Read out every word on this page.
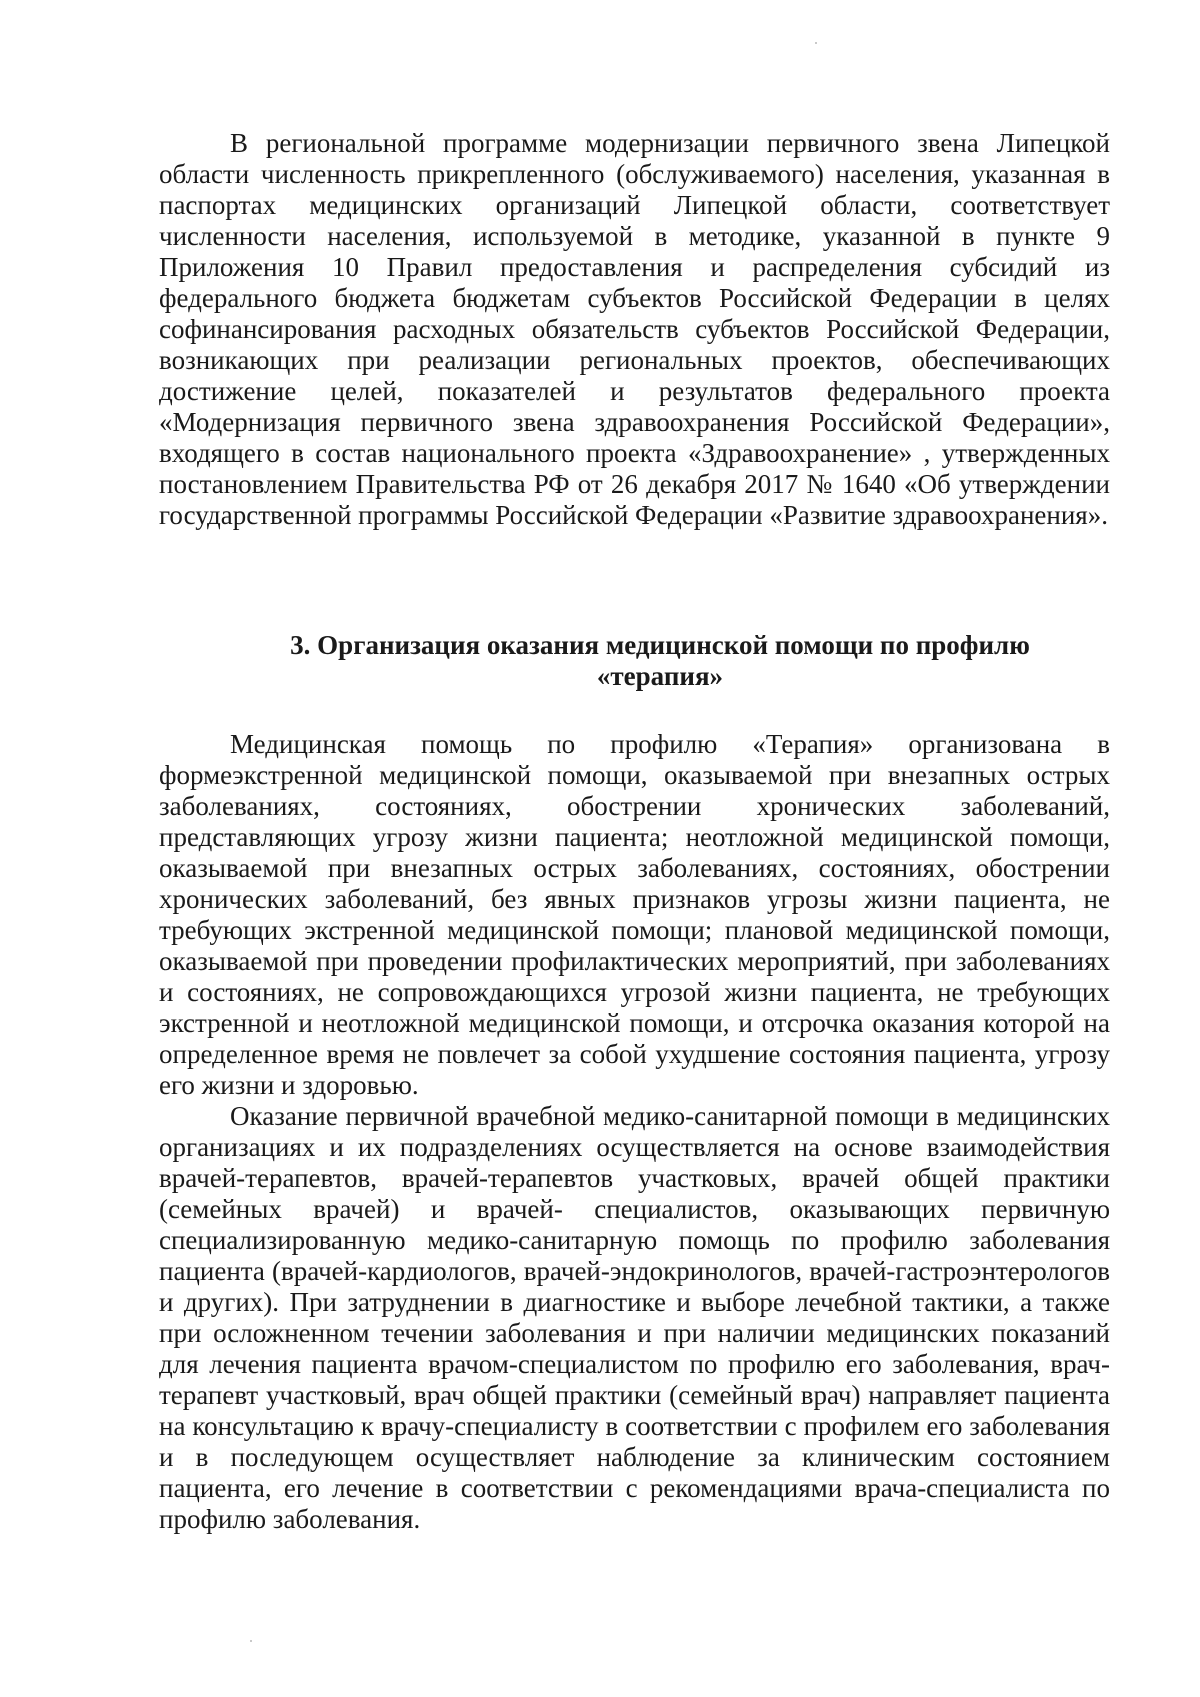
В региональной программе модернизации первичного звена Липецкой области численность прикрепленного (обслуживаемого) населения, указанная в паспортах медицинских организаций Липецкой области, соответствует численности населения, используемой в методике, указанной в пункте 9 Приложения 10 Правил предоставления и распределения субсидий из федерального бюджета бюджетам субъектов Российской Федерации в целях софинансирования расходных обязательств субъектов Российской Федерации, возникающих при реализации региональных проектов, обеспечивающих достижение целей, показателей и результатов федерального проекта «Модернизация первичного звена здравоохранения Российской Федерации», входящего в состав национального проекта «Здравоохранение» , утвержденных постановлением Правительства РФ от 26 декабря 2017 № 1640 «Об утверждении государственной программы Российской Федерации «Развитие здравоохранения».

3. Организация оказания медицинской помощи по профилю
«терапия»

Медицинская помощь по профилю «Терапия» организована в формеэкстренной медицинской помощи, оказываемой при внезапных острых заболеваниях, состояниях, обострении хронических заболеваний, представляющих угрозу жизни пациента; неотложной медицинской помощи, оказываемой при внезапных острых заболеваниях, состояниях, обострении хронических заболеваний, без явных признаков угрозы жизни пациента, не требующих экстренной медицинской помощи; плановой медицинской помощи, оказываемой при проведении профилактических мероприятий, при заболеваниях и состояниях, не сопровождающихся угрозой жизни пациента, не требующих экстренной и неотложной медицинской помощи, и отсрочка оказания которой на определенное время не повлечет за собой ухудшение состояния пациента, угрозу его жизни и здоровью.

Оказание первичной врачебной медико-санитарной помощи в медицинских организациях и их подразделениях осуществляется на основе взаимодействия врачей-терапевтов, врачей-терапевтов участковых, врачей общей практики (семейных врачей) и врачей- специалистов, оказывающих первичную специализированную медико-санитарную помощь по профилю заболевания пациента (врачей-кардиологов, врачей-эндокринологов, врачей-гастроэнтерологов и других). При затруднении в диагностике и выборе лечебной тактики, а также при осложненном течении заболевания и при наличии медицинских показаний для лечения пациента врачом-специалистом по профилю его заболевания, врач-терапевт участковый, врач общей практики (семейный врач) направляет пациента на консультацию к врачу-специалисту в соответствии с профилем его заболевания и в последующем осуществляет наблюдение за клиническим состоянием пациента, его лечение в соответствии с рекомендациями врача-специалиста по профилю заболевания.
